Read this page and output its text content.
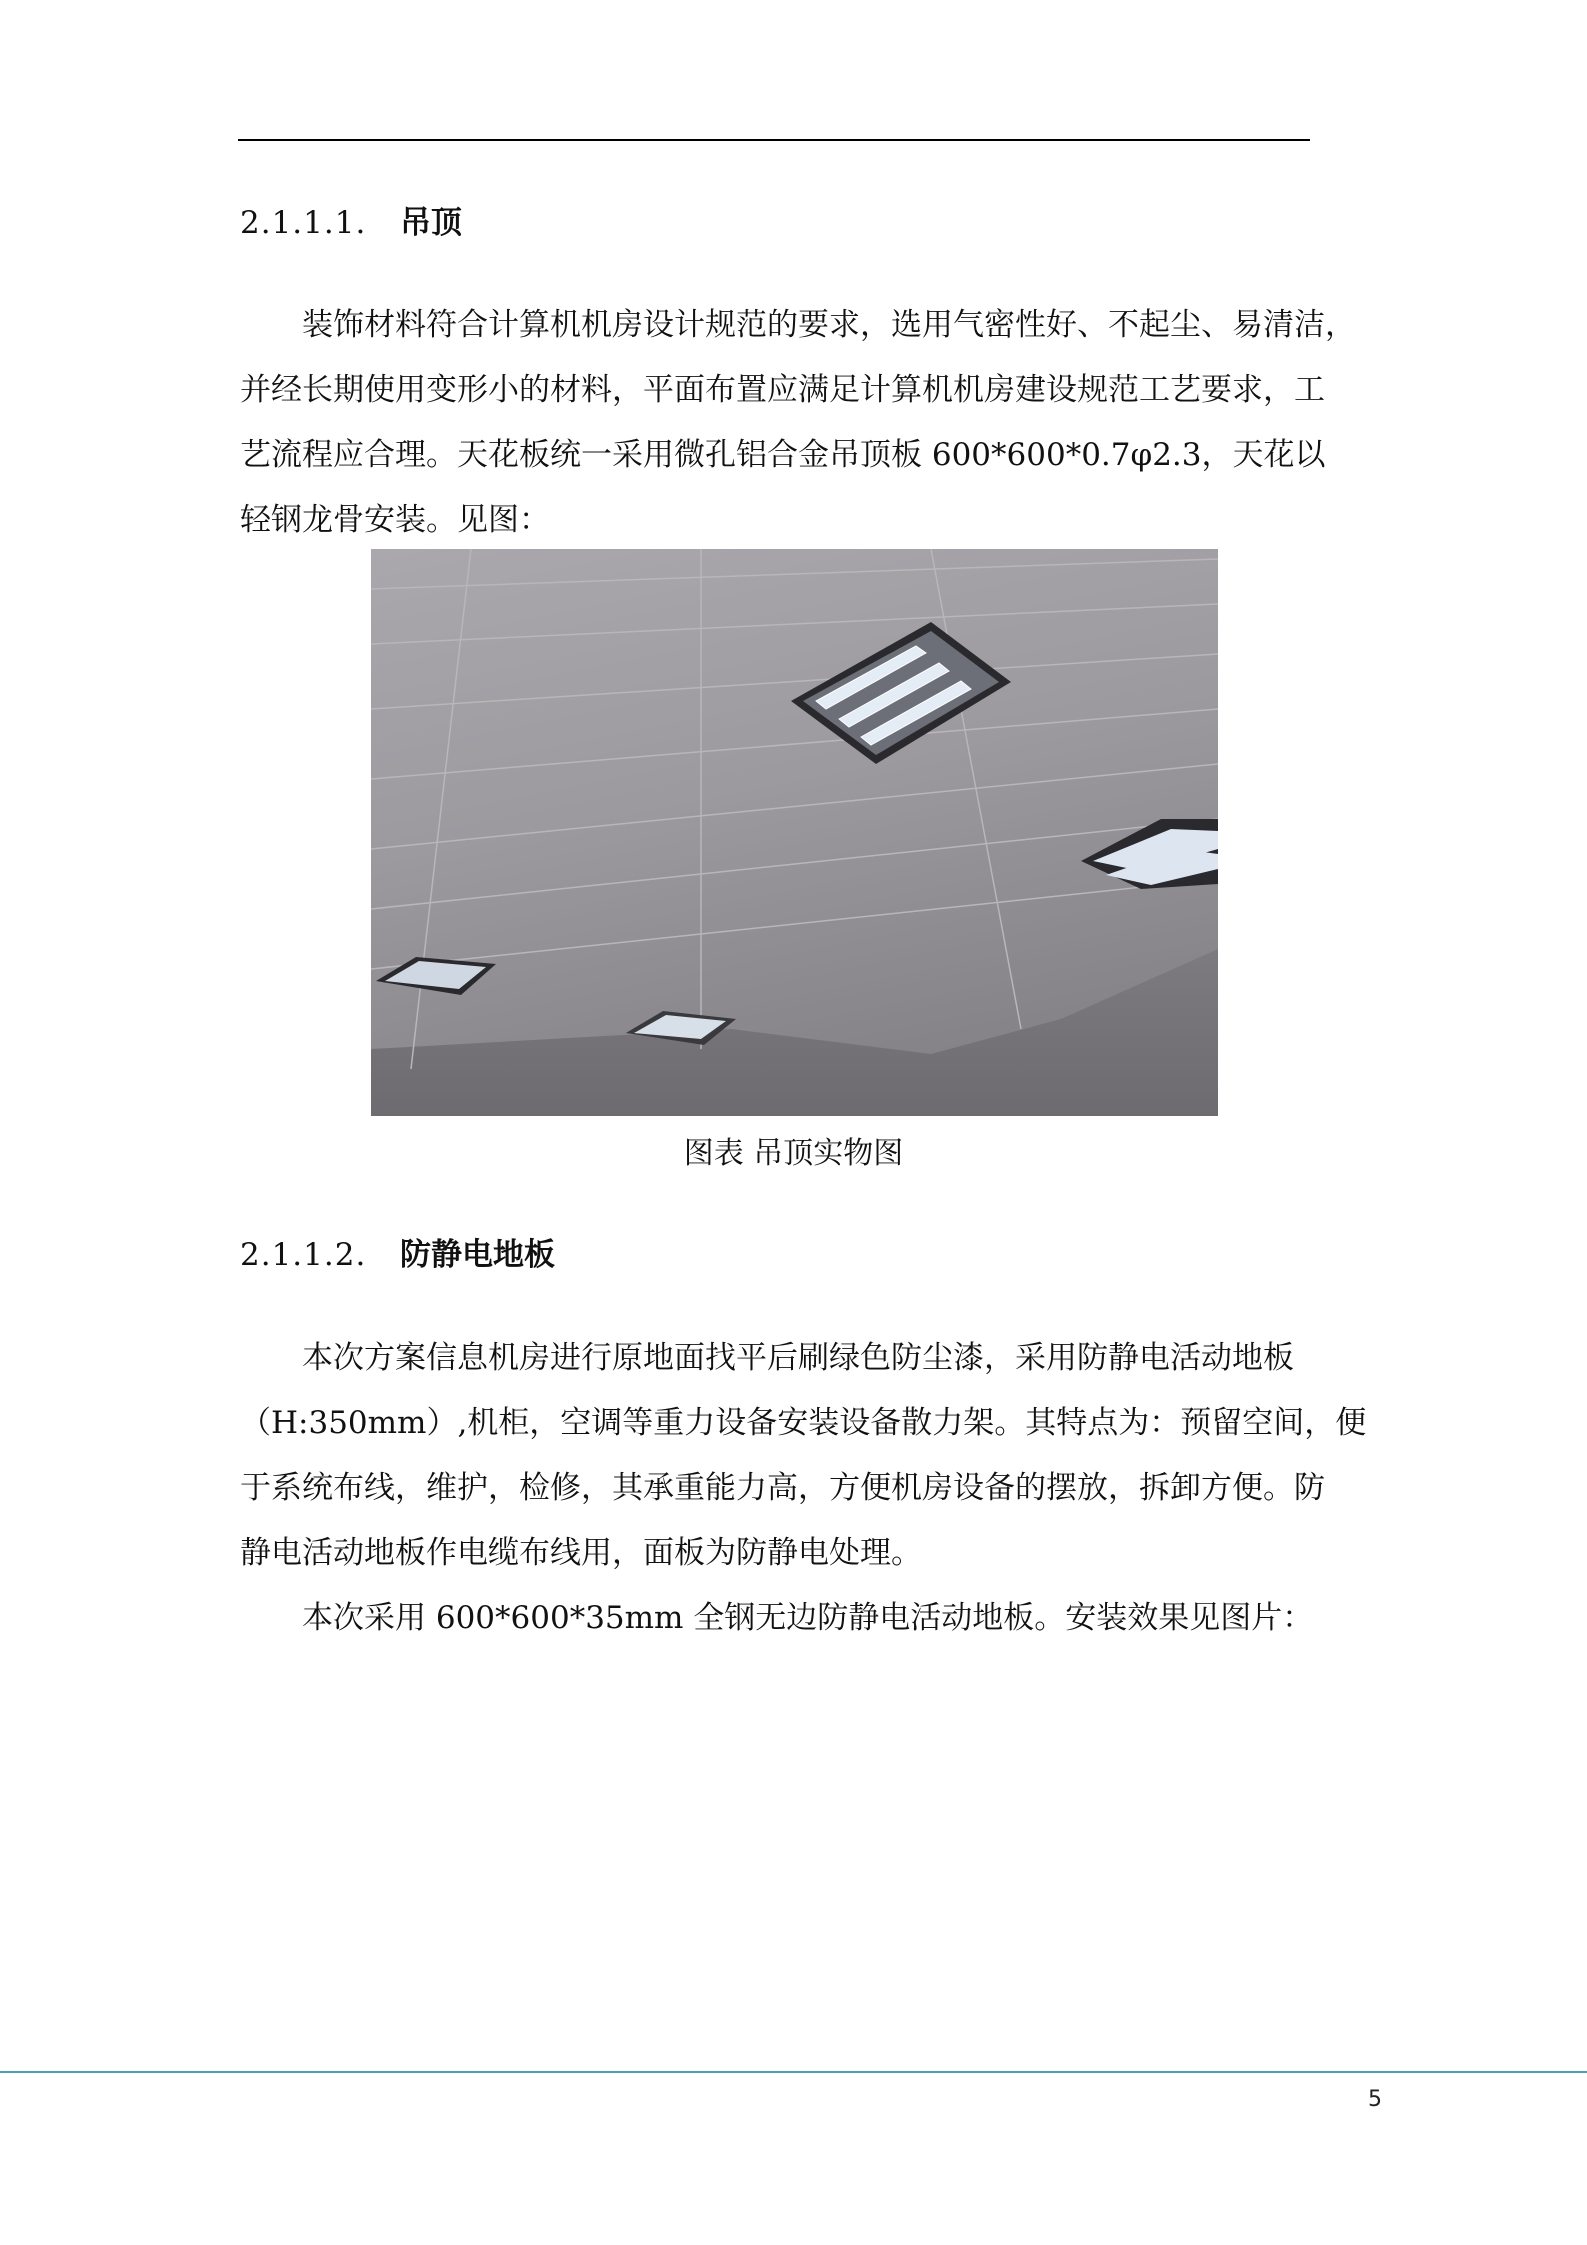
2.1.1.1. 吊顶
装饰材料符合计算机机房设计规范的要求，选用气密性好、不起尘、易清洁，
并经长期使用变形小的材料，平面布置应满足计算机机房建设规范工艺要求，工
艺流程应合理。天花板统一采用微孔铝合金吊顶板 600*600*0.7φ2.3，天花以
轻钢龙骨安装。见图：
图表 吊顶实物图
2.1.1.2. 防静电地板
本次方案信息机房进行原地面找平后刷绿色防尘漆，采用防静电活动地板
（H:350mm）,机柜，空调等重力设备安装设备散力架。其特点为：预留空间，便
于系统布线，维护，检修，其承重能力高，方便机房设备的摆放，拆卸方便。防
静电活动地板作电缆布线用，面板为防静电处理。
本次采用 600*600*35mm 全钢无边防静电活动地板。安装效果见图片：
5
